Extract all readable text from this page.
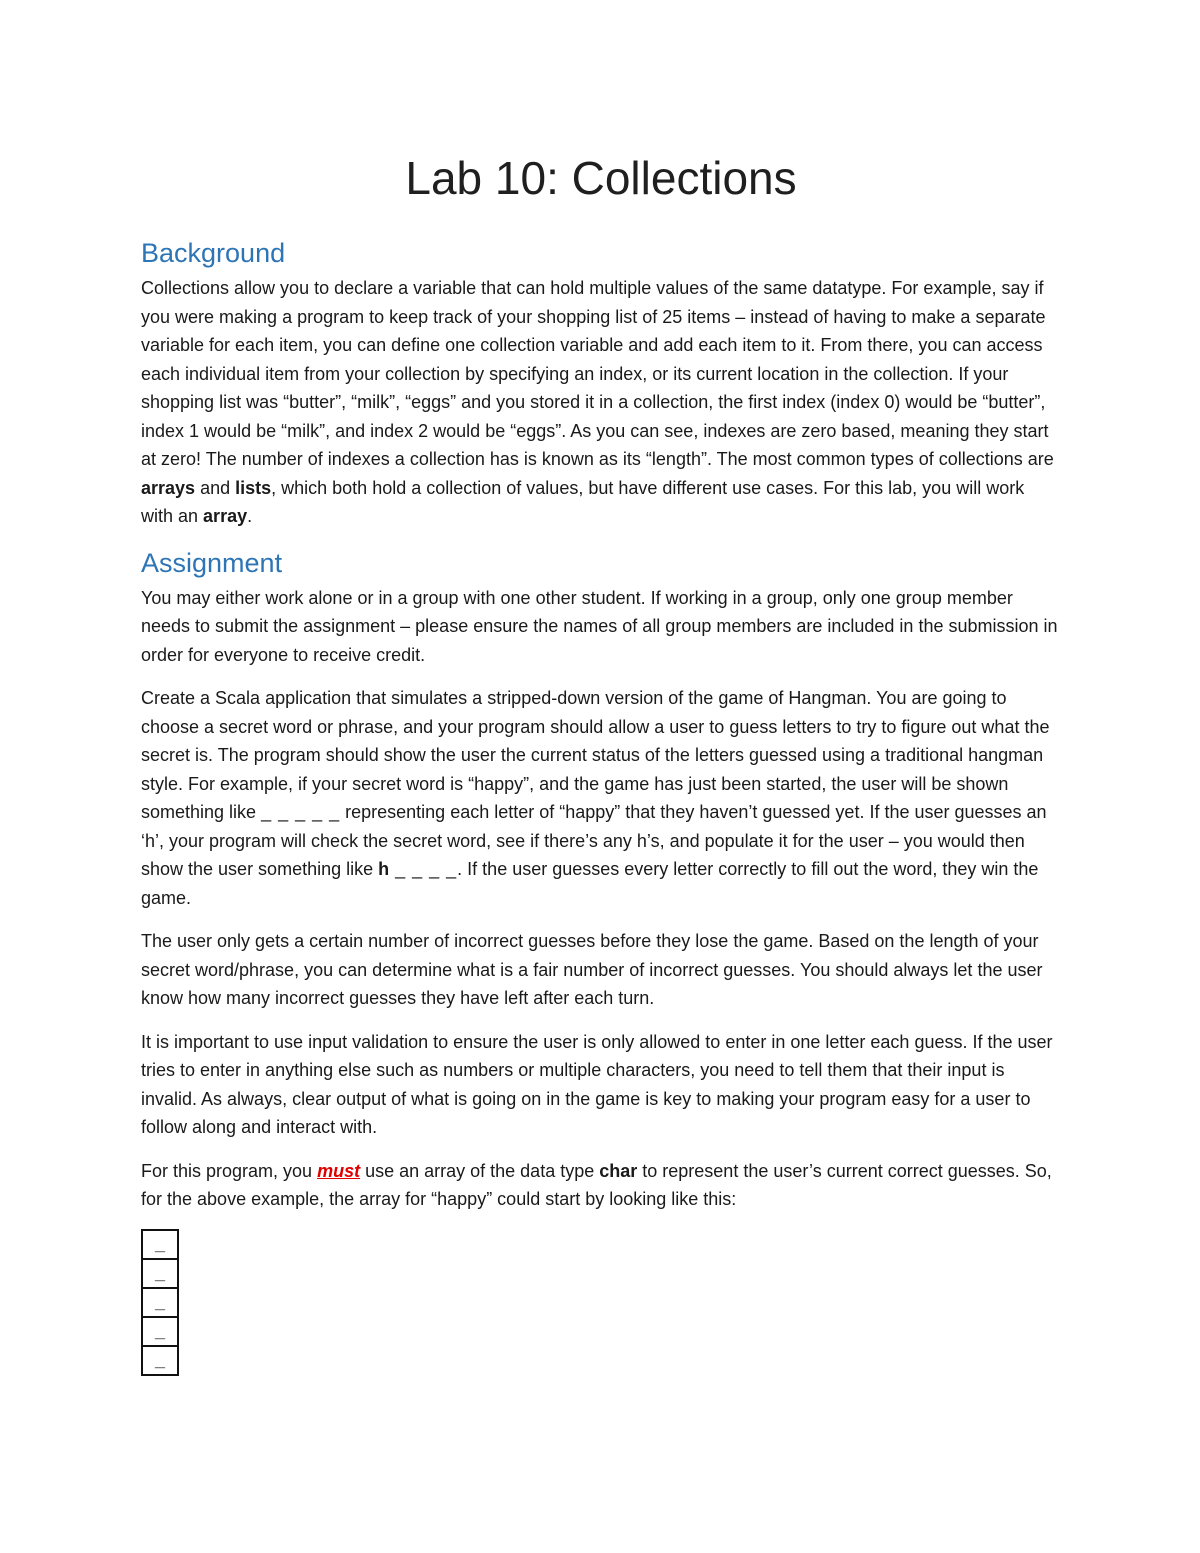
Lab 10: Collections
Background

Collections allow you to declare a variable that can hold multiple values of the same datatype. For example, say if you were making a program to keep track of your shopping list of 25 items – instead of having to make a separate variable for each item, you can define one collection variable and add each item to it. From there, you can access each individual item from your collection by specifying an index, or its current location in the collection. If your shopping list was “butter”, “milk”, “eggs” and you stored it in a collection, the first index (index 0) would be “butter”, index 1 would be “milk”, and index 2 would be “eggs”. As you can see, indexes are zero based, meaning they start at zero! The number of indexes a collection has is known as its “length”. The most common types of collections are arrays and lists, which both hold a collection of values, but have different use cases. For this lab, you will work with an array.

Assignment

You may either work alone or in a group with one other student. If working in a group, only one group member needs to submit the assignment – please ensure the names of all group members are included in the submission in order for everyone to receive credit.

Create a Scala application that simulates a stripped-down version of the game of Hangman. You are going to choose a secret word or phrase, and your program should allow a user to guess letters to try to figure out what the secret is. The program should show the user the current status of the letters guessed using a traditional hangman style. For example, if your secret word is “happy”, and the game has just been started, the user will be shown something like _ _ _ _ _ representing each letter of “happy” that they haven’t guessed yet. If the user guesses an ‘h’, your program will check the secret word, see if there’s any h’s, and populate it for the user – you would then show the user something like h _ _ _ _. If the user guesses every letter correctly to fill out the word, they win the game.

The user only gets a certain number of incorrect guesses before they lose the game. Based on the length of your secret word/phrase, you can determine what is a fair number of incorrect guesses. You should always let the user know how many incorrect guesses they have left after each turn.

It is important to use input validation to ensure the user is only allowed to enter in one letter each guess. If the user tries to enter in anything else such as numbers or multiple characters, you need to tell them that their input is invalid. As always, clear output of what is going on in the game is key to making your program easy for a user to follow along and interact with.

For this program, you must use an array of the data type char to represent the user’s current correct guesses. So, for the above example, the array for “happy” could start by looking like this:

_
_
_
_
_
